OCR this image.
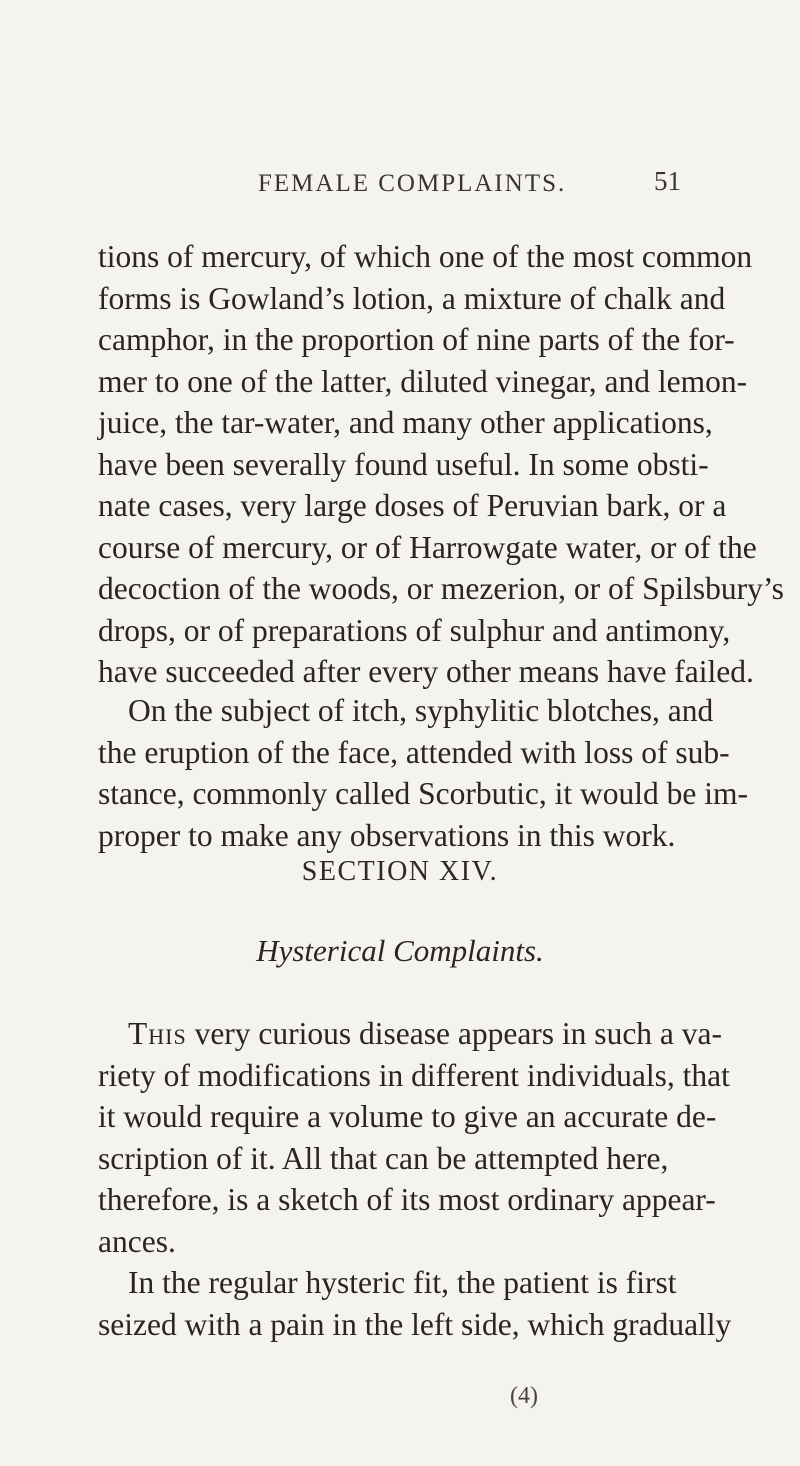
FEMALE COMPLAINTS.	51
tions of mercury, of which one of the most common
forms is Gowland’s lotion, a mixture of chalk and
camphor, in the proportion of nine parts of the for-
mer to one of the latter, diluted vinegar, and lemon-
juice, the tar-water, and many other applications,
have been severally found useful. In some obsti-
nate cases, very large doses of Peruvian bark, or a
course of mercury, or of Harrowgate water, or of the
decoction of the woods, or mezerion, or of Spilsbury’s
drops, or of preparations of sulphur and antimony,
have succeeded after every other means have failed.
On the subject of itch, syphylitic blotches, and
the eruption of the face, attended with loss of sub-
stance, commonly called Scorbutic, it would be im-
proper to make any observations in this work.
SECTION XIV.
Hysterical Complaints.
This very curious disease appears in such a va-
riety of modifications in different individuals, that
it would require a volume to give an accurate de-
scription of it. All that can be attempted here,
therefore, is a sketch of its most ordinary appear-
ances.
In the regular hysteric fit, the patient is first
seized with a pain in the left side, which gradually
(4)
